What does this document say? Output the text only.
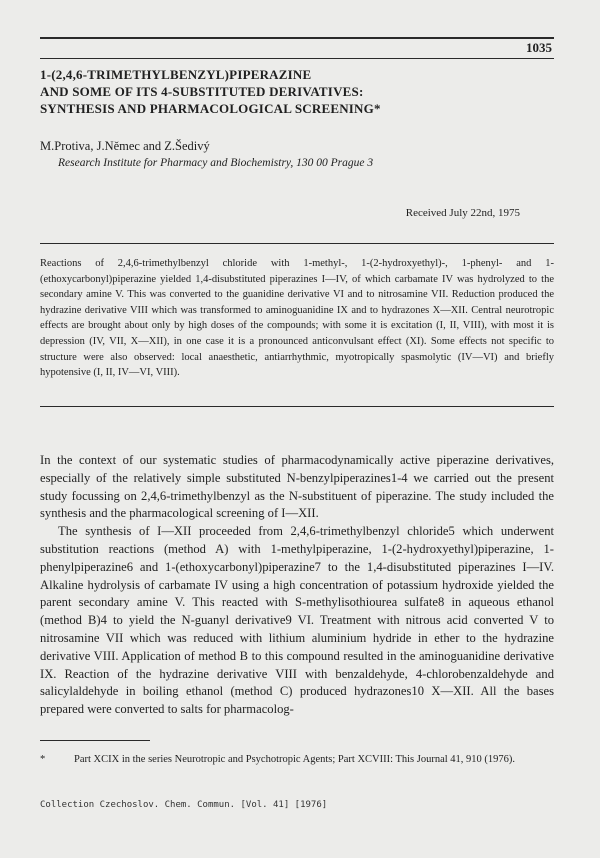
1035
1-(2,4,6-TRIMETHYLBENZYL)PIPERAZINE
AND SOME OF ITS 4-SUBSTITUTED DERIVATIVES:
SYNTHESIS AND PHARMACOLOGICAL SCREENING*
M.Protiva, J.Němec and Z.Šedivý
Research Institute for Pharmacy and Biochemistry, 130 00 Prague 3
Received July 22nd, 1975

Reactions of 2,4,6-trimethylbenzyl chloride with 1-methyl-, 1-(2-hydroxyethyl)-, 1-phenyl- and 1-(ethoxycarbonyl)piperazine yielded 1,4-disubstituted piperazines I—IV, of which carbamate IV was hydrolyzed to the secondary amine V. This was converted to the guanidine derivative VI and to nitrosamine VII. Reduction produced the hydrazine derivative VIII which was transformed to aminoguanidine IX and to hydrazones X—XII. Central neurotropic effects are brought about only by high doses of the compounds; with some it is excitation (I, II, VIII), with most it is depression (IV, VII, X—XII), in one case it is a pronounced anticonvulsant effect (XI). Some effects not specific to structure were also observed: local anaesthetic, antiarrhythmic, myotropically spasmolytic (IV—VI) and briefly hypotensive (I, II, IV—VI, VIII).

In the context of our systematic studies of pharmacodynamically active piperazine derivatives, especially of the relatively simple substituted N-benzylpiperazines1-4 we carried out the present study focussing on 2,4,6-trimethylbenzyl as the N-substituent of piperazine. The study included the synthesis and the pharmacological screening of I—XII.

The synthesis of I—XII proceeded from 2,4,6-trimethylbenzyl chloride5 which underwent substitution reactions (method A) with 1-methylpiperazine, 1-(2-hydroxyethyl)piperazine, 1-phenylpiperazine6 and 1-(ethoxycarbonyl)piperazine7 to the 1,4-disubstituted piperazines I—IV. Alkaline hydrolysis of carbamate IV using a high concentration of potassium hydroxide yielded the parent secondary amine V. This reacted with S-methylisothiourea sulfate8 in aqueous ethanol (method B)4 to yield the N-guanyl derivative9 VI. Treatment with nitrous acid converted V to nitrosamine VII which was reduced with lithium aluminium hydride in ether to the hydrazine derivative VIII. Application of method B to this compound resulted in the aminoguanidine derivative IX. Reaction of the hydrazine derivative VIII with benzaldehyde, 4-chlorobenzaldehyde and salicylaldehyde in boiling ethanol (method C) produced hydrazones10 X—XII. All the bases prepared were converted to salts for pharmacolog-

*	Part XCIX in the series Neurotropic and Psychotropic Agents; Part XCVIII: This Journal 41, 910 (1976).

Collection Czechoslov. Chem. Commun. [Vol. 41] [1976]
